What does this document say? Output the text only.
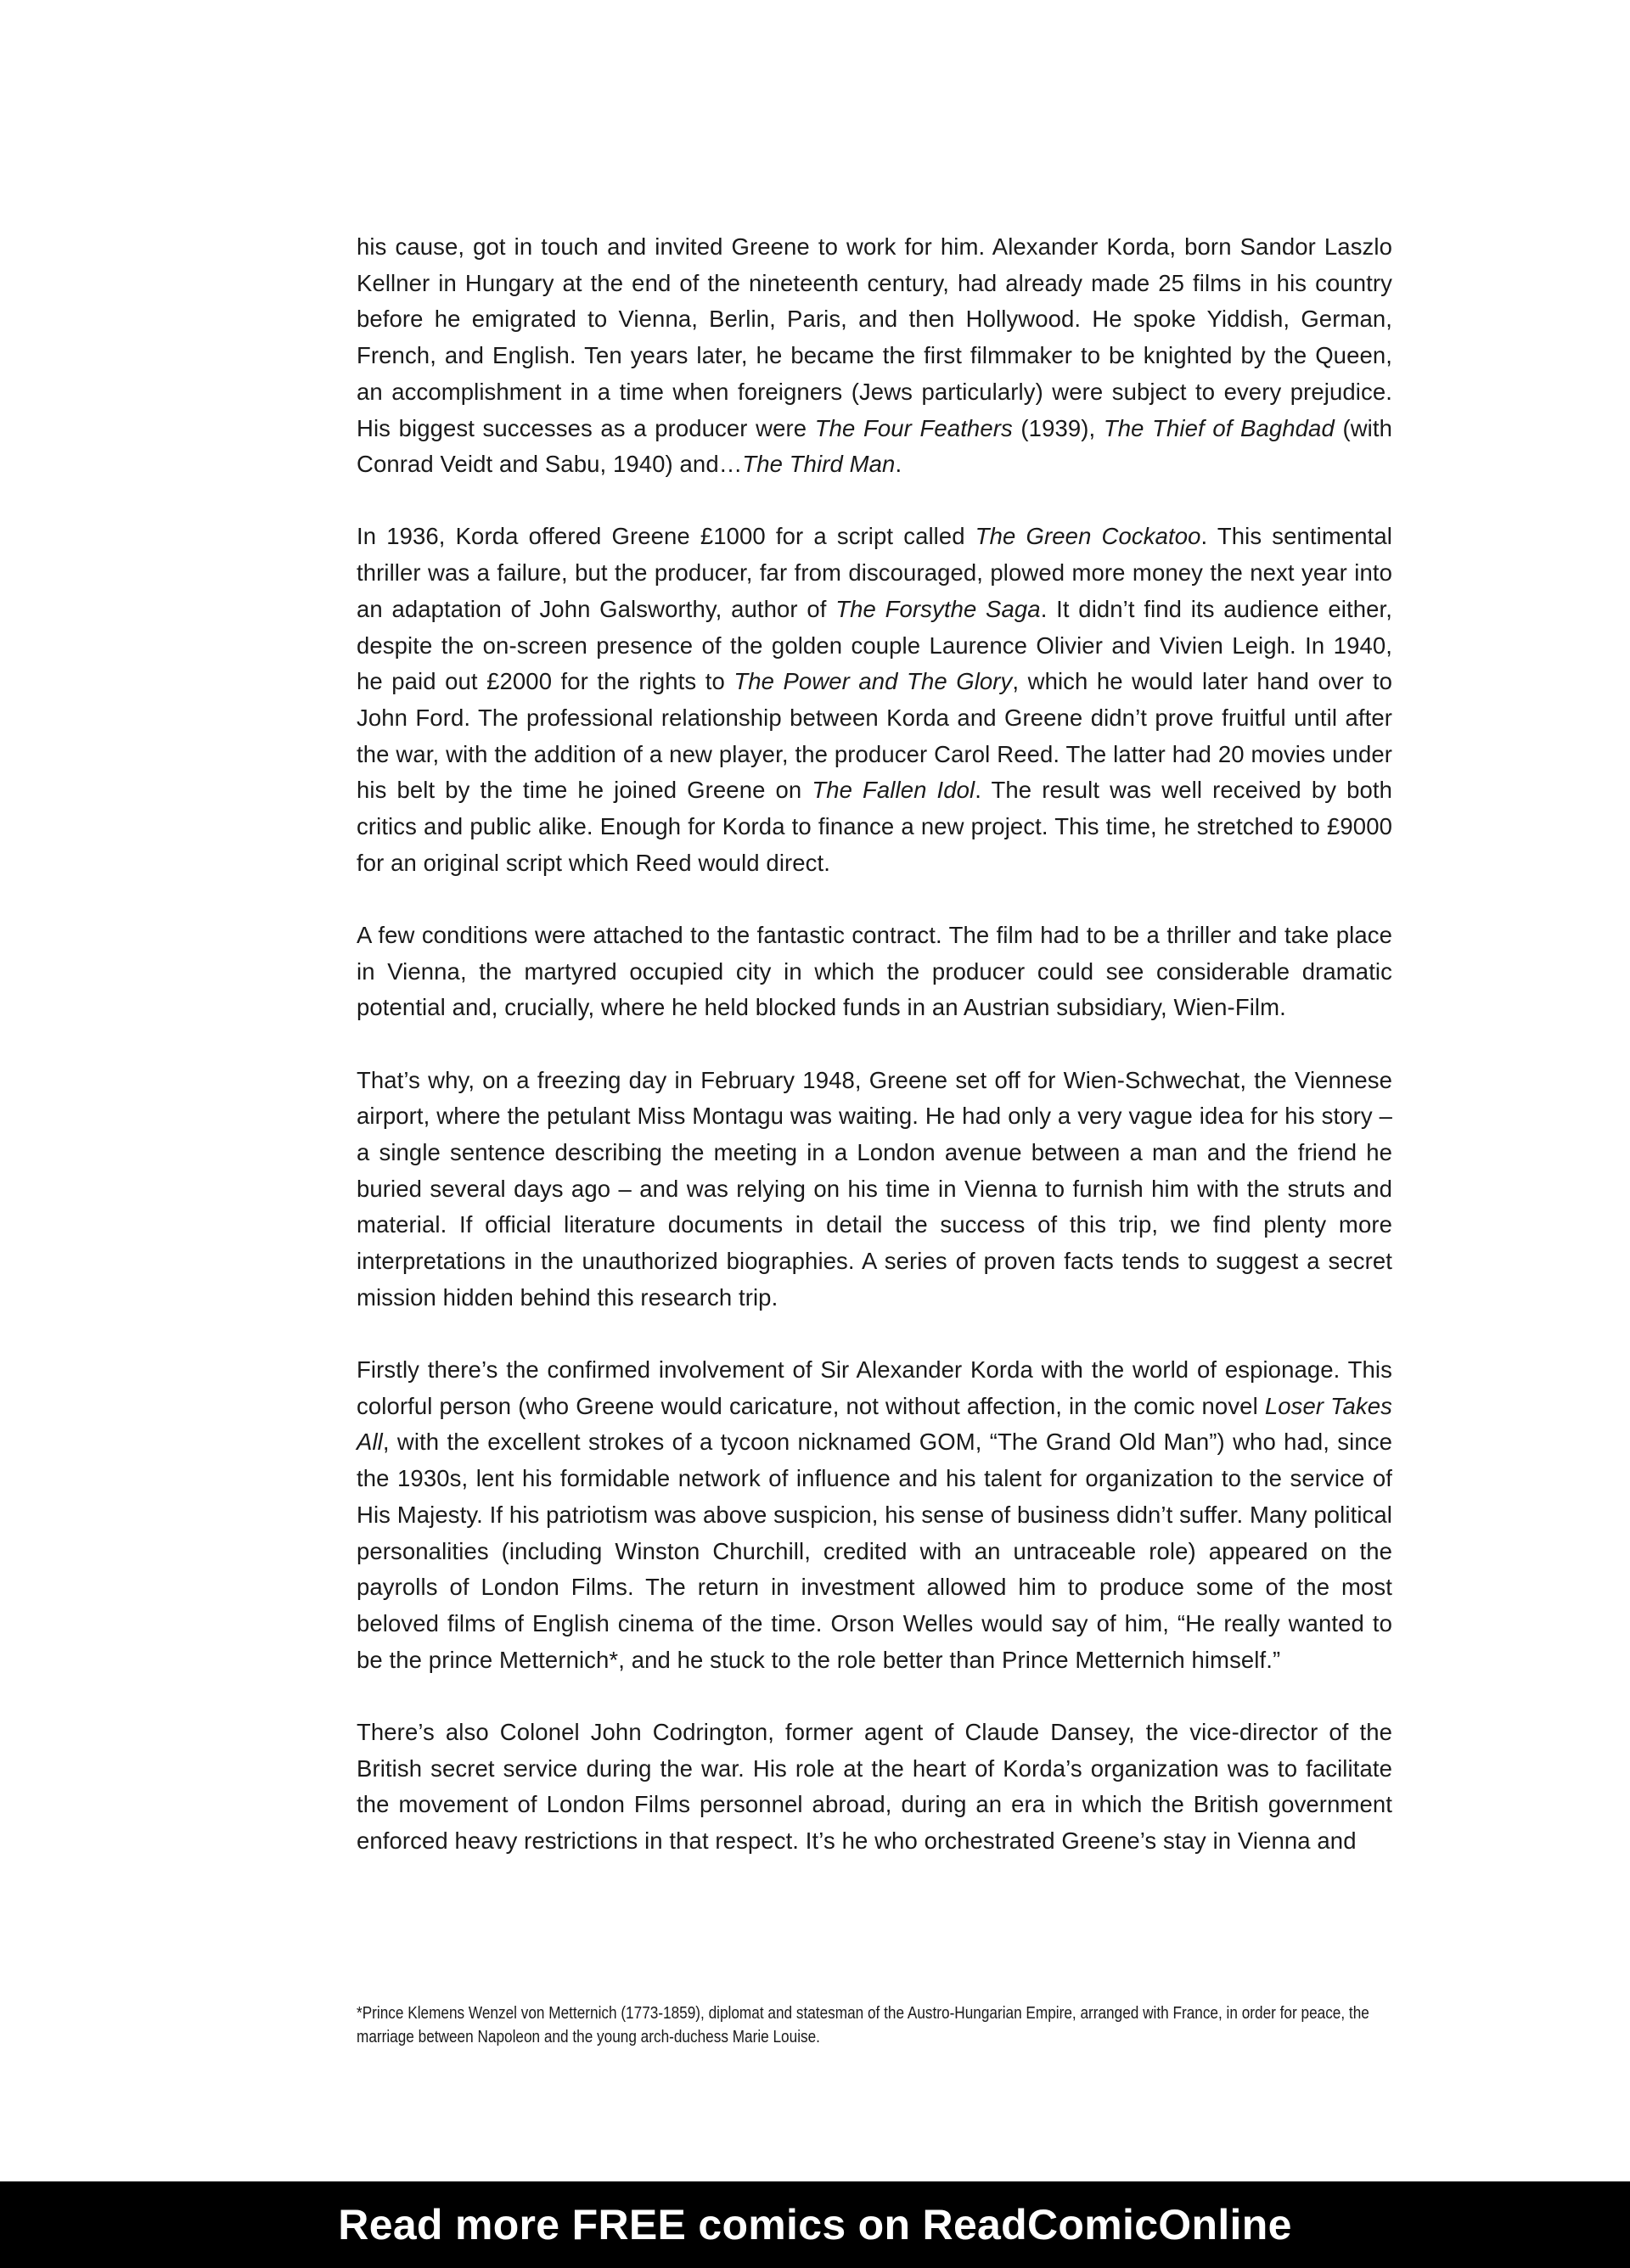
his cause, got in touch and invited Greene to work for him. Alexander Korda, born Sandor Laszlo Kellner in Hungary at the end of the nineteenth century, had already made 25 films in his country before he emigrated to Vienna, Berlin, Paris, and then Hollywood. He spoke Yiddish, German, French, and English. Ten years later, he became the first filmmaker to be knighted by the Queen, an accomplishment in a time when foreigners (Jews particularly) were subject to every prejudice. His biggest successes as a producer were The Four Feathers (1939), The Thief of Baghdad (with Conrad Veidt and Sabu, 1940) and…The Third Man.

In 1936, Korda offered Greene £1000 for a script called The Green Cockatoo. This sentimental thriller was a failure, but the producer, far from discouraged, plowed more money the next year into an adaptation of John Galsworthy, author of The Forsythe Saga. It didn’t find its audience either, despite the on-screen presence of the golden couple Laurence Olivier and Vivien Leigh. In 1940, he paid out £2000 for the rights to The Power and The Glory, which he would later hand over to John Ford. The professional relationship between Korda and Greene didn’t prove fruitful until after the war, with the addition of a new player, the producer Carol Reed. The latter had 20 movies under his belt by the time he joined Greene on The Fallen Idol. The result was well received by both critics and public alike. Enough for Korda to finance a new project. This time, he stretched to £9000 for an original script which Reed would direct.

A few conditions were attached to the fantastic contract. The film had to be a thriller and take place in Vienna, the martyred occupied city in which the producer could see considerable dramatic potential and, crucially, where he held blocked funds in an Austrian subsidiary, Wien-Film.

That’s why, on a freezing day in February 1948, Greene set off for Wien-Schwechat, the Viennese airport, where the petulant Miss Montagu was waiting. He had only a very vague idea for his story – a single sentence describing the meeting in a London avenue between a man and the friend he buried several days ago – and was relying on his time in Vienna to furnish him with the struts and material. If official literature documents in detail the success of this trip, we find plenty more interpretations in the unauthorized biographies. A series of proven facts tends to suggest a secret mission hidden behind this research trip.

Firstly there’s the confirmed involvement of Sir Alexander Korda with the world of espionage. This colorful person (who Greene would caricature, not without affection, in the comic novel Loser Takes All, with the excellent strokes of a tycoon nicknamed GOM, “The Grand Old Man”) who had, since the 1930s, lent his formidable network of influence and his talent for organization to the service of His Majesty. If his patriotism was above suspicion, his sense of business didn’t suffer. Many political personalities (including Winston Churchill, credited with an untraceable role) appeared on the payrolls of London Films. The return in investment allowed him to produce some of the most beloved films of English cinema of the time. Orson Welles would say of him, “He really wanted to be the prince Metternich*, and he stuck to the role better than Prince Metternich himself.”

There’s also Colonel John Codrington, former agent of Claude Dansey, the vice-director of the British secret service during the war. His role at the heart of Korda’s organization was to facilitate the movement of London Films personnel abroad, during an era in which the British government enforced heavy restrictions in that respect. It’s he who orchestrated Greene’s stay in Vienna and

*Prince Klemens Wenzel von Metternich (1773-1859), diplomat and statesman of the Austro-Hungarian Empire, arranged with France, in order for peace, the marriage between Napoleon and the young arch-duchess Marie Louise.
Read more FREE comics on ReadComicOnline
